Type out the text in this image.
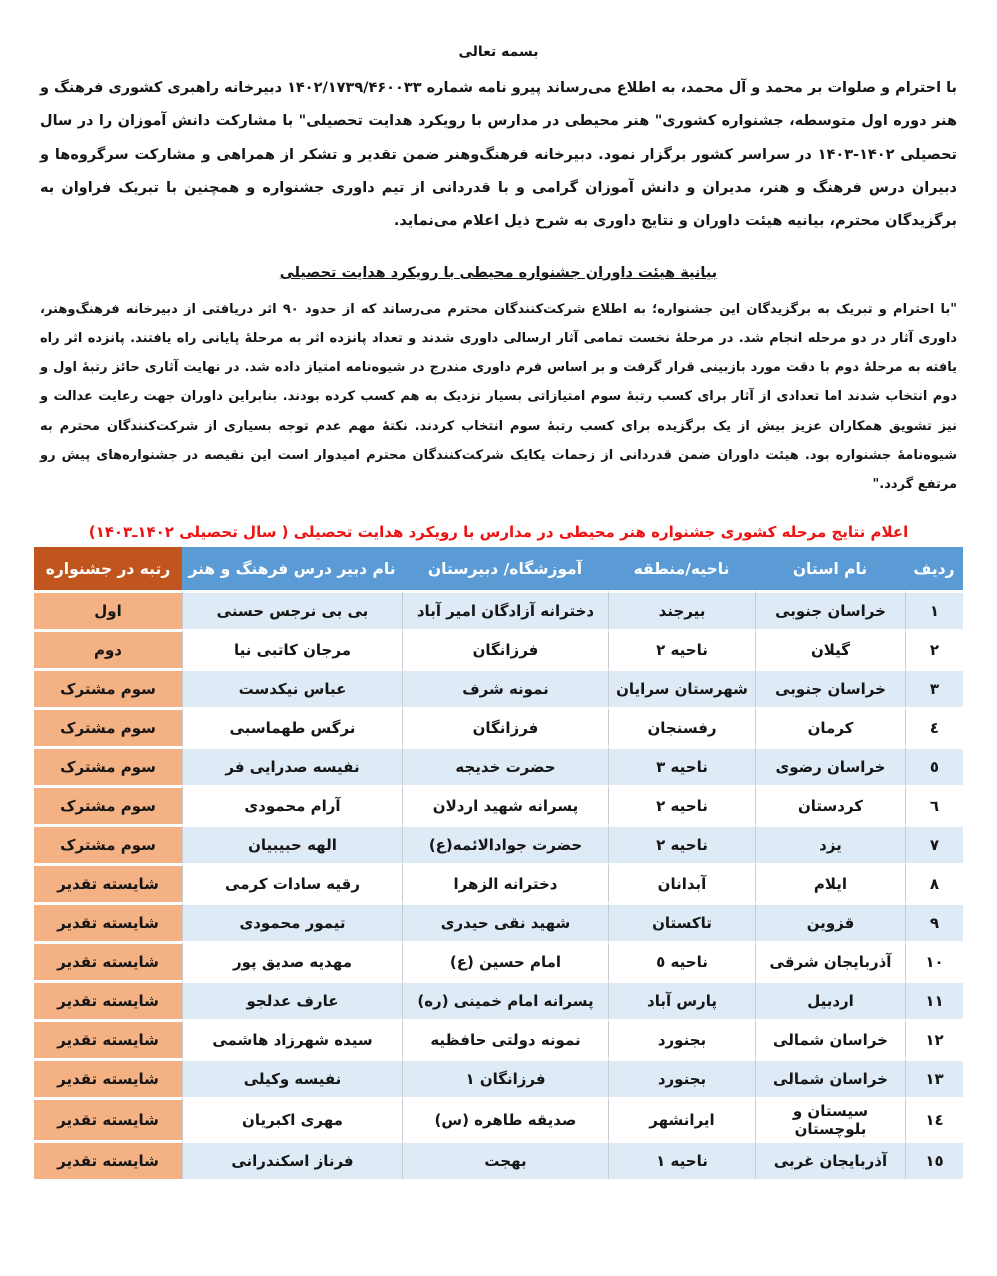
بسمه تعالی

با احترام و صلوات بر محمد و آل محمد، به اطلاع می‌رساند پیرو نامه شماره ۱۴۰۲/۱۷۳۹/۴۶۰۰۳۳ دبیرخانه راهبری کشوری فرهنگ و هنر دوره اول متوسطه، جشنواره کشوری" هنر محیطی در مدارس با رویکرد هدایت تحصیلی" با مشارکت دانش آموزان را در سال تحصیلی ۱۴۰۲-۱۴۰۳ در سراسر کشور برگزار نمود. دبیرخانه فرهنگ‌وهنر ضمن تقدیر و تشکر از همراهی و مشارکت سرگروه‌ها و دبیران درس فرهنگ و هنر، مدیران و دانش آموزان گرامی و با قدردانی از تیم داوری جشنواره و همچنین با تبریک فراوان به برگزیدگان محترم، بیانیه هیئت داوران و نتایج داوری به شرح ذیل اعلام می‌نماید.

بیانیة هیئت داوران جشنواره محیطی با رویکرد هدایت تحصیلی

"با احترام و تبریک به برگزیدگان این جشنواره؛ به اطلاع شرکت‌کنندگان محترم می‌رساند که از حدود ۹۰ اثر دریافتی از دبیرخانه فرهنگ‌وهنر، داوری آثار در دو مرحله انجام شد. در مرحلهٔ نخست تمامی آثار ارسالی داوری شدند و تعداد پانزده اثر به مرحلهٔ پایانی راه یافتند. پانزده اثر راه یافته به مرحلهٔ دوم با دقت مورد بازبینی قرار گرفت و بر اساس فرم داوری مندرج در شیوه‌نامه امتیاز داده شد. در نهایت آثاری حائز رتبهٔ اول و دوم انتخاب شدند اما تعدادی از آثار برای کسب رتبهٔ سوم امتیازاتی بسیار نزدیک به هم کسب کرده بودند. بنابراین داوران جهت رعایت عدالت و نیز تشویق همکاران عزیز بیش از یک برگزیده برای کسب رتبهٔ سوم انتخاب کردند. نکتهٔ مهم عدم توجه بسیاری از شرکت‌کنندگان محترم به شیوه‌نامهٔ جشنواره بود. هیئت داوران ضمن قدردانی از زحمات یکایک شرکت‌کنندگان محترم امیدوار است این نقیصه در جشنواره‌های پیش رو مرتفع گردد."

اعلام نتایج مرحله کشوری جشنواره هنر محیطی در مدارس با رویکرد هدایت تحصیلی ( سال تحصیلی ۱۴۰۲ـ۱۴۰۳)
ردیف	نام استان	ناحیه/منطقه	آموزشگاه/ دبیرستان	نام دبیر درس فرهنگ و هنر	رتبه در جشنواره
۱	خراسان جنوبی	بیرجند	دخترانه آزادگان امیر آباد	بی بی نرجس حسنی	اول
۲	گیلان	ناحیه ۲	فرزانگان	مرجان کاتبی نیا	دوم
۳	خراسان جنوبی	شهرستان سرایان	نمونه شرف	عباس نیکدست	سوم مشترک
٤	کرمان	رفسنجان	فرزانگان	نرگس طهماسبی	سوم مشترک
٥	خراسان رضوی	ناحیه ۳	حضرت خدیجه	نفیسه صدرایی فر	سوم مشترک
٦	کردستان	ناحیه ۲	پسرانه شهید اردلان	آرام محمودی	سوم مشترک
۷	یزد	ناحیه ۲	حضرت جوادالائمه(ع)	الهه حبیبیان	سوم مشترک
۸	ایلام	آبدانان	دخترانه الزهرا	رقیه سادات کرمی	شایسته تقدیر
۹	قزوین	تاکستان	شهید نقی حیدری	تیمور محمودی	شایسته تقدیر
۱۰	آذربایجان شرقی	ناحیه ٥	امام حسین (ع)	مهدیه صدیق پور	شایسته تقدیر
۱۱	اردبیل	پارس آباد	پسرانه امام خمینی (ره)	عارف عدلجو	شایسته تقدیر
۱۲	خراسان شمالی	بجنورد	نمونه دولتی حافظیه	سیده شهرزاد هاشمی	شایسته تقدیر
۱۳	خراسان شمالی	بجنورد	فرزانگان ۱	نفیسه وکیلی	شایسته تقدیر
۱٤	سیستان و بلوچستان	ایرانشهر	صدیقه طاهره (س)	مهری اکبریان	شایسته تقدیر
۱٥	آذربایجان غربی	ناحیه ۱	بهجت	فرناز اسکندرانی	شایسته تقدیر
